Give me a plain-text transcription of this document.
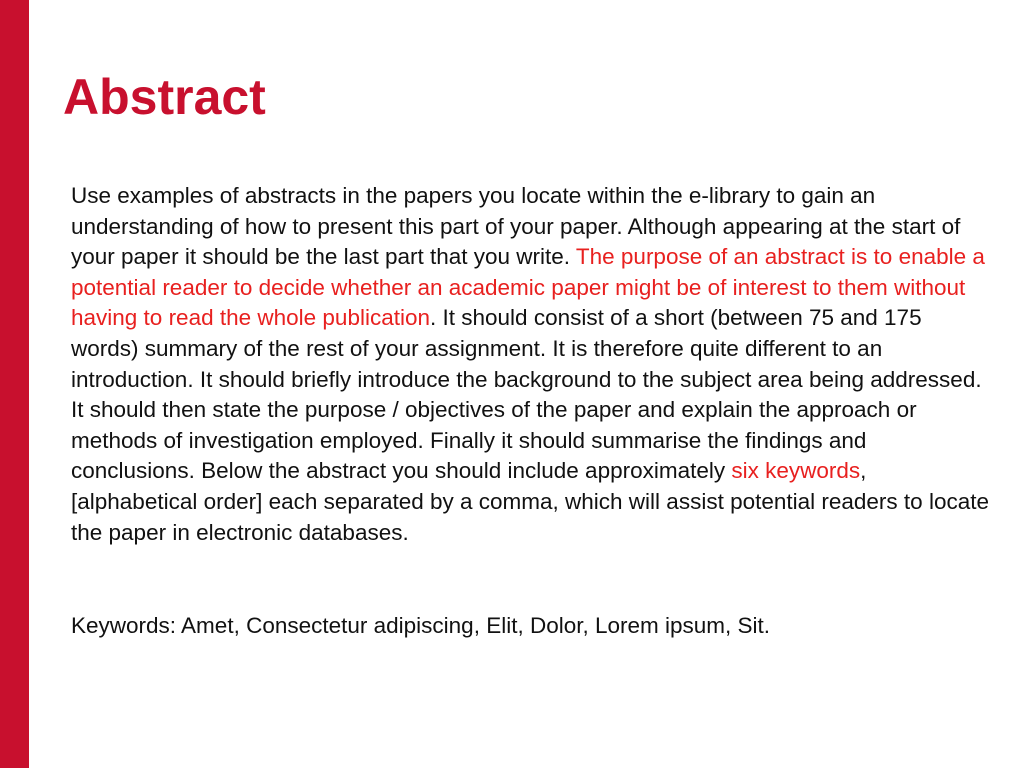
Abstract

Use examples of abstracts in the papers you locate within the e-library to gain an understanding of how to present this part of your paper. Although appearing at the start of your paper it should be the last part that you write. The purpose of an abstract is to enable a potential reader to decide whether an academic paper might be of interest to them without having to read the whole publication. It should consist of a short (between 75 and 175 words) summary of the rest of your assignment. It is therefore quite different to an introduction. It should briefly introduce the background to the subject area being addressed. It should then state the purpose / objectives of the paper and explain the approach or methods of investigation employed. Finally it should summarise the findings and conclusions. Below the abstract you should include approximately six keywords, [alphabetical order] each separated by a comma, which will assist potential readers to locate the paper in electronic databases.

Keywords: Amet, Consectetur adipiscing, Elit, Dolor, Lorem ipsum, Sit.
